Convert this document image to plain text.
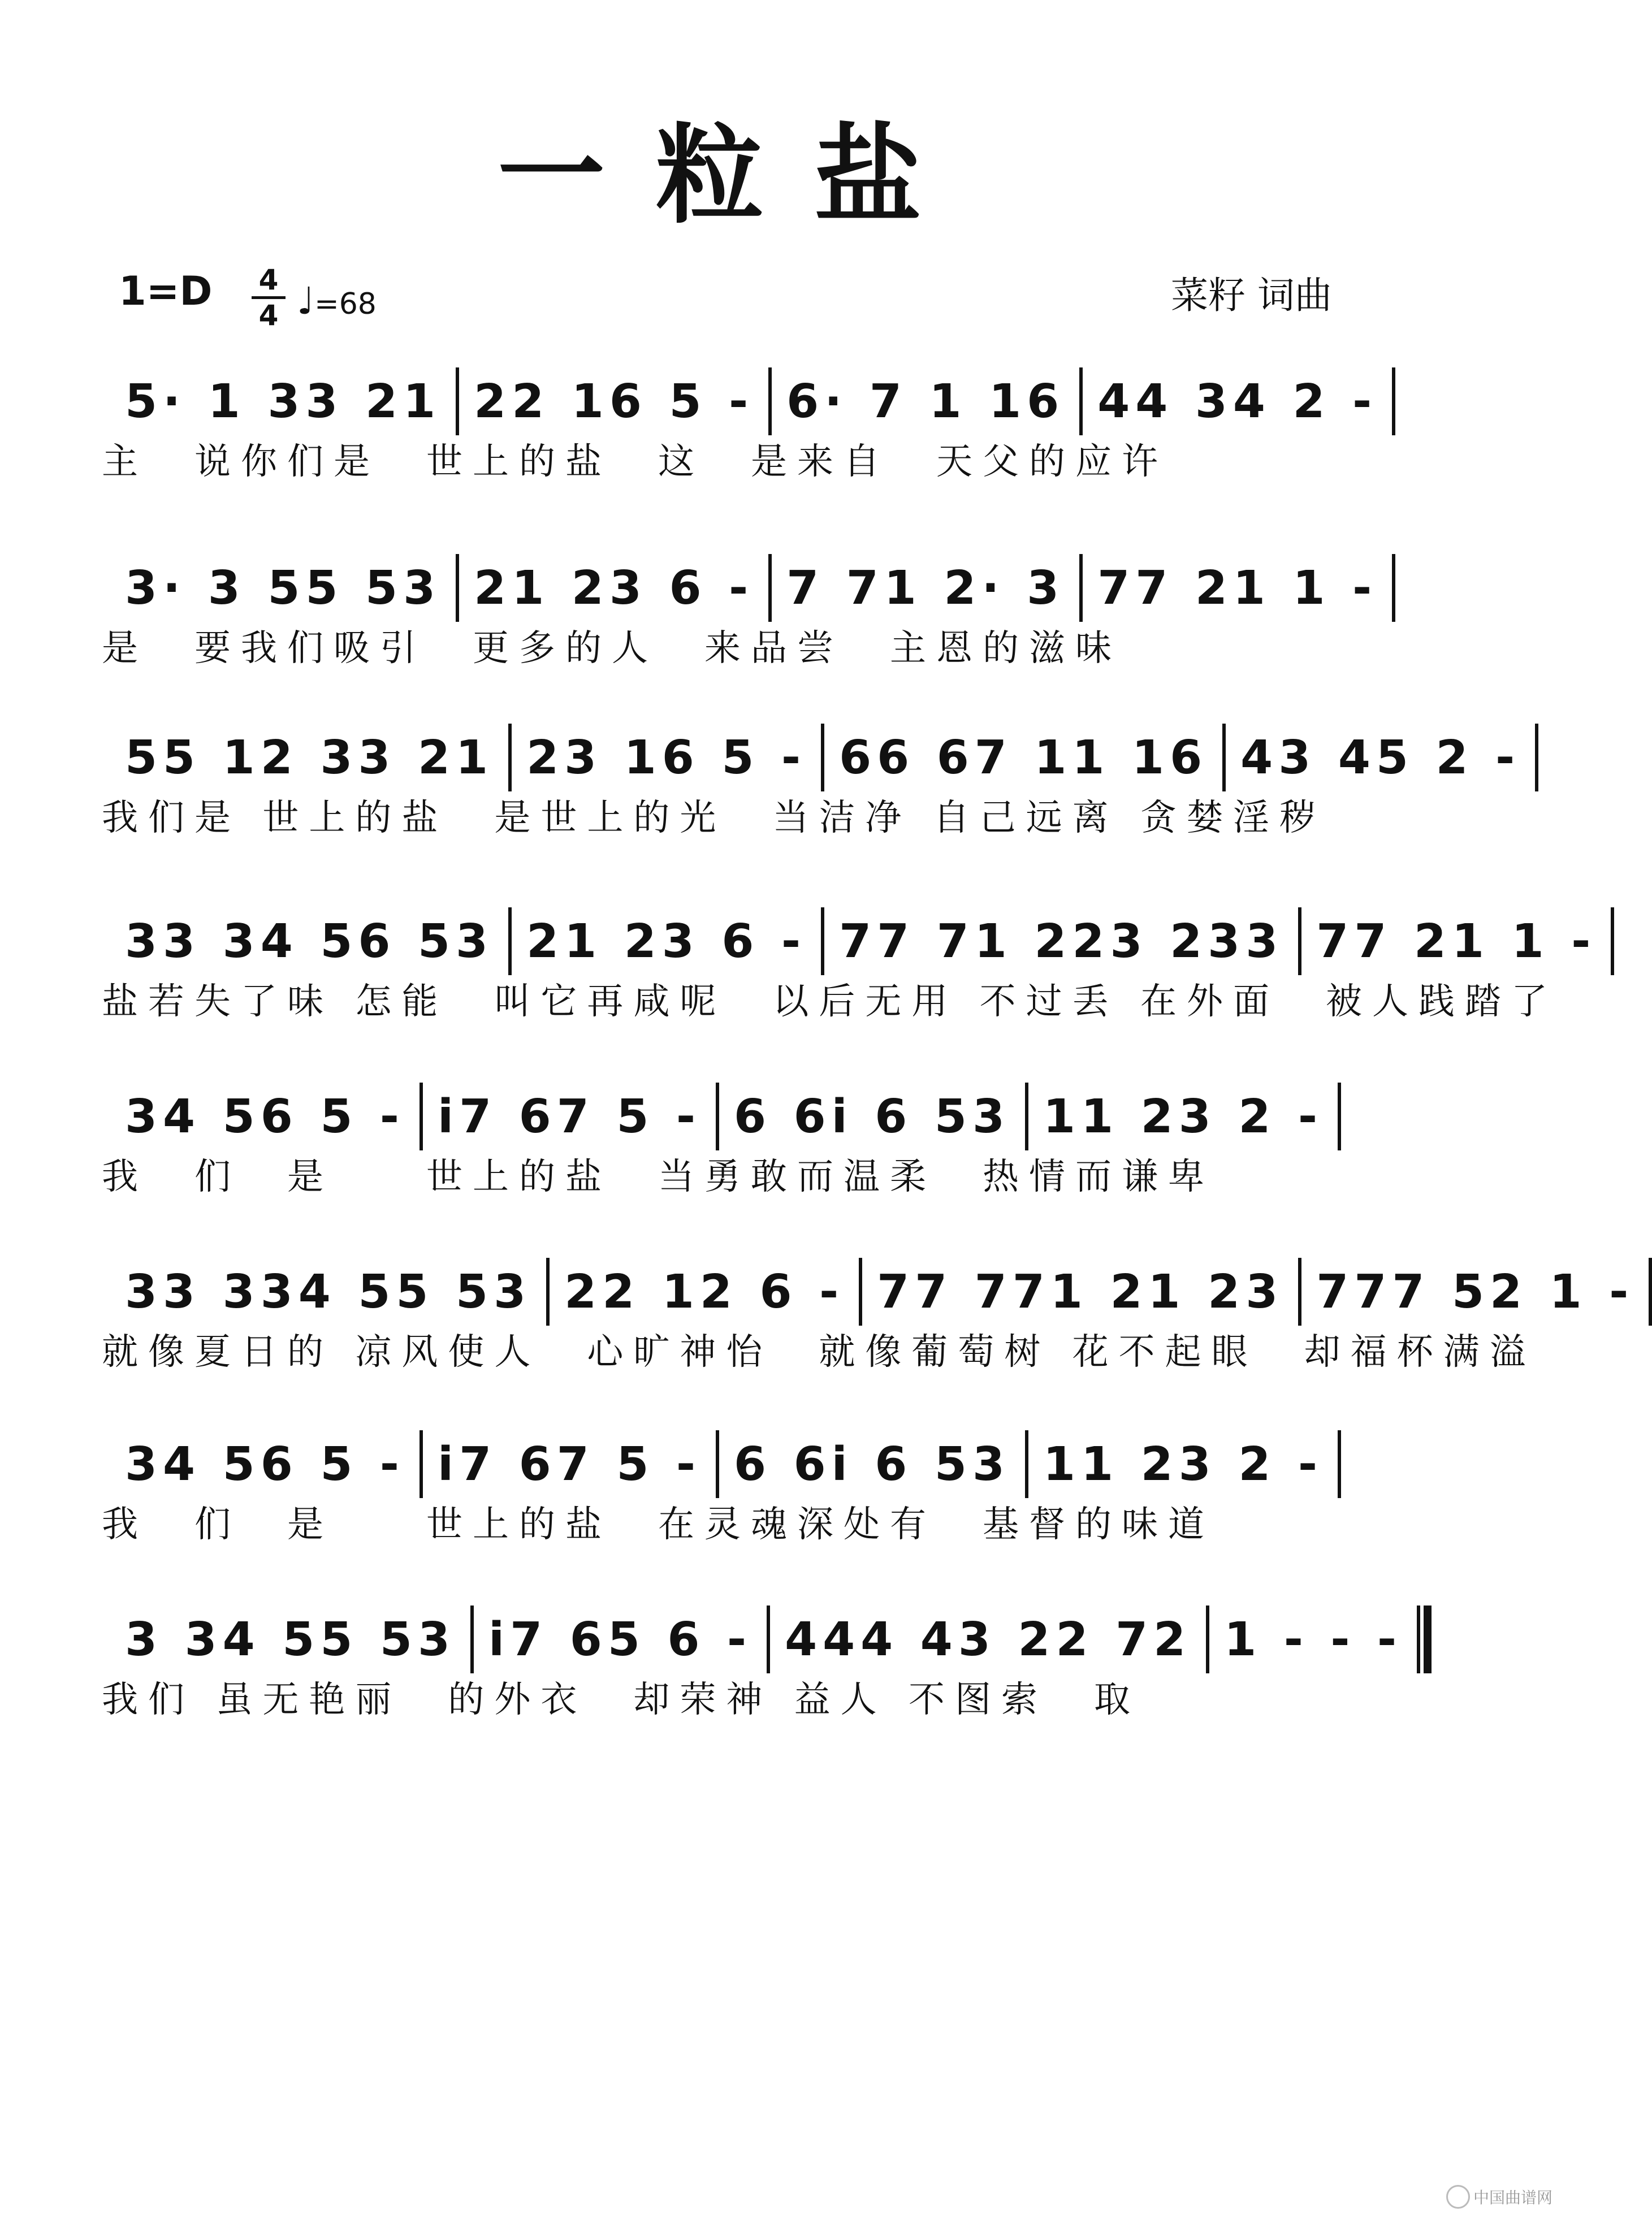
一粒盐
$1=D \frac{4}{4}$ ♩=68	菜籽 词曲
5· 1 33 21 22 16 5 - 6· 7 1 16 44 34 2 -
主　说你们是　世上的盐　这　是来自　天父的应许
3· 3 55 53 21 23 6 - 7 71 2· 3 77 21 1 -
是　要我们吸引　更多的人　来品尝　主恩的滋味
55 12 33 21 23 16 5 - 66 67 11 16 43 45 2 -
我们是 世上的盐　是世上的光　当洁净 自己远离 贪婪淫秽
33 34 56 53 21 23 6 - 77 71 223 233 77 21 1 -
盐若失了味 怎能　叫它再咸呢　以后无用 不过丢 在外面　被人践踏了
34 56 5 - i7 67 5 - 6 6i 6 53 11 23 2 -
我　们　是　　世上的盐　当勇敢而温柔　热情而谦卑
33 334 55 53 22 12 6 - 77 771 21 23 777 52 1 -
就像夏日的 凉风使人　心旷神怡　就像葡萄树 花不起眼　却福杯满溢
34 56 5 - i7 67 5 - 6 6i 6 53 11 23 2 -
我　们　是　　世上的盐　在灵魂深处有　基督的味道
3 34 55 53 i7 65 6 - 444 43 22 72 1 - - -
我们 虽无艳丽　的外衣　却荣神 益人 不图索　取
中国曲谱网
